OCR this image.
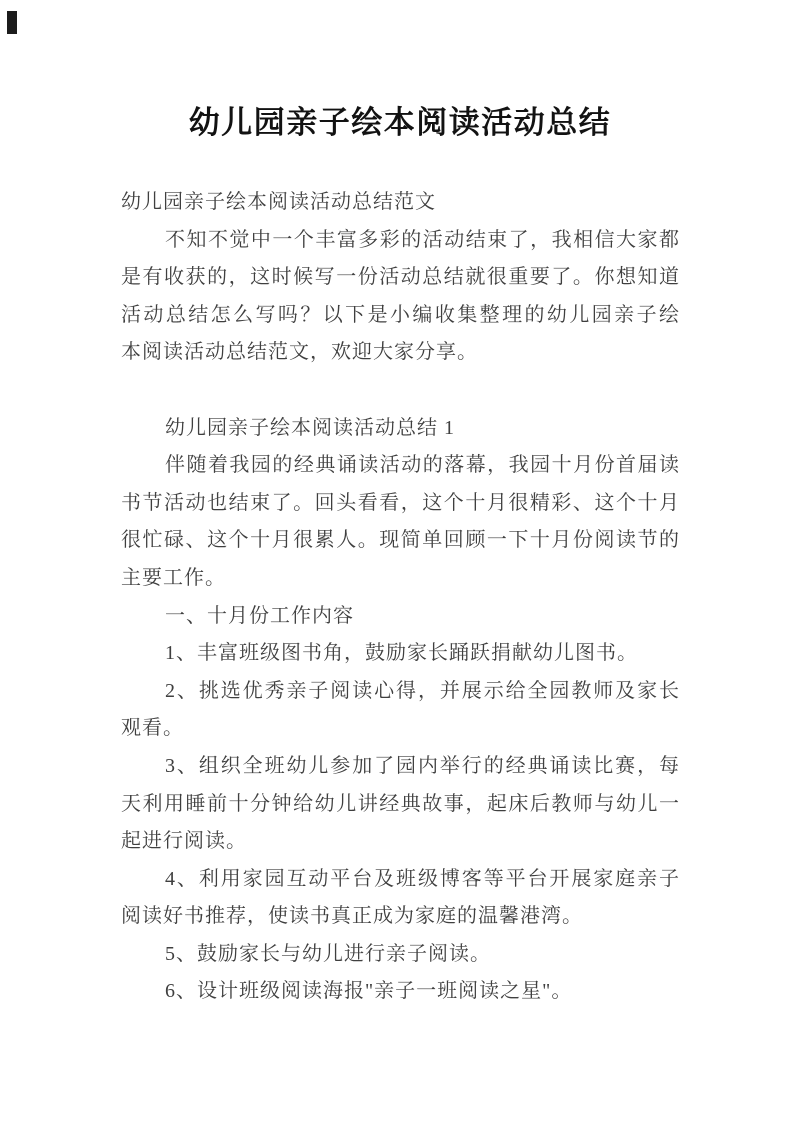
幼儿园亲子绘本阅读活动总结
幼儿园亲子绘本阅读活动总结范文
不知不觉中一个丰富多彩的活动结束了，我相信大家都
是有收获的，这时候写一份活动总结就很重要了。你想知道
活动总结怎么写吗？以下是小编收集整理的幼儿园亲子绘
本阅读活动总结范文，欢迎大家分享。
幼儿园亲子绘本阅读活动总结 1
伴随着我园的经典诵读活动的落幕，我园十月份首届读
书节活动也结束了。回头看看，这个十月很精彩、这个十月
很忙碌、这个十月很累人。现简单回顾一下十月份阅读节的
主要工作。
一、十月份工作内容
1、丰富班级图书角，鼓励家长踊跃捐献幼儿图书。
2、挑选优秀亲子阅读心得，并展示给全园教师及家长
观看。
3、组织全班幼儿参加了园内举行的经典诵读比赛，每
天利用睡前十分钟给幼儿讲经典故事，起床后教师与幼儿一
起进行阅读。
4、利用家园互动平台及班级博客等平台开展家庭亲子
阅读好书推荐，使读书真正成为家庭的温馨港湾。
5、鼓励家长与幼儿进行亲子阅读。
6、设计班级阅读海报"亲子一班阅读之星"。
